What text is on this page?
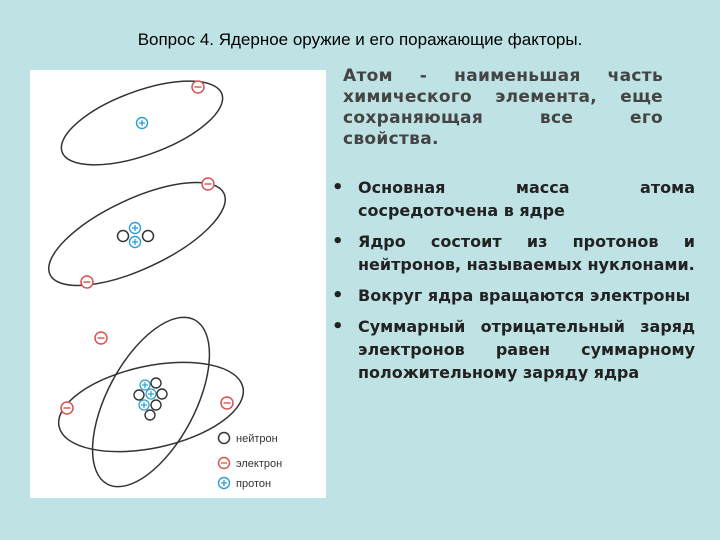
Вопрос 4. Ядерное оружие и его поражающие факторы.
нейтрон
электрон
протон
Атом - наименьшая часть химического элемента, еще сохраняющая все его свойства.
• Основная масса атома сосредоточена в ядре
• Ядро состоит из протонов и нейтронов, называемых нуклонами.
• Вокруг ядра вращаются электроны
• Суммарный отрицательный заряд электронов равен суммарному положительному заряду ядра
